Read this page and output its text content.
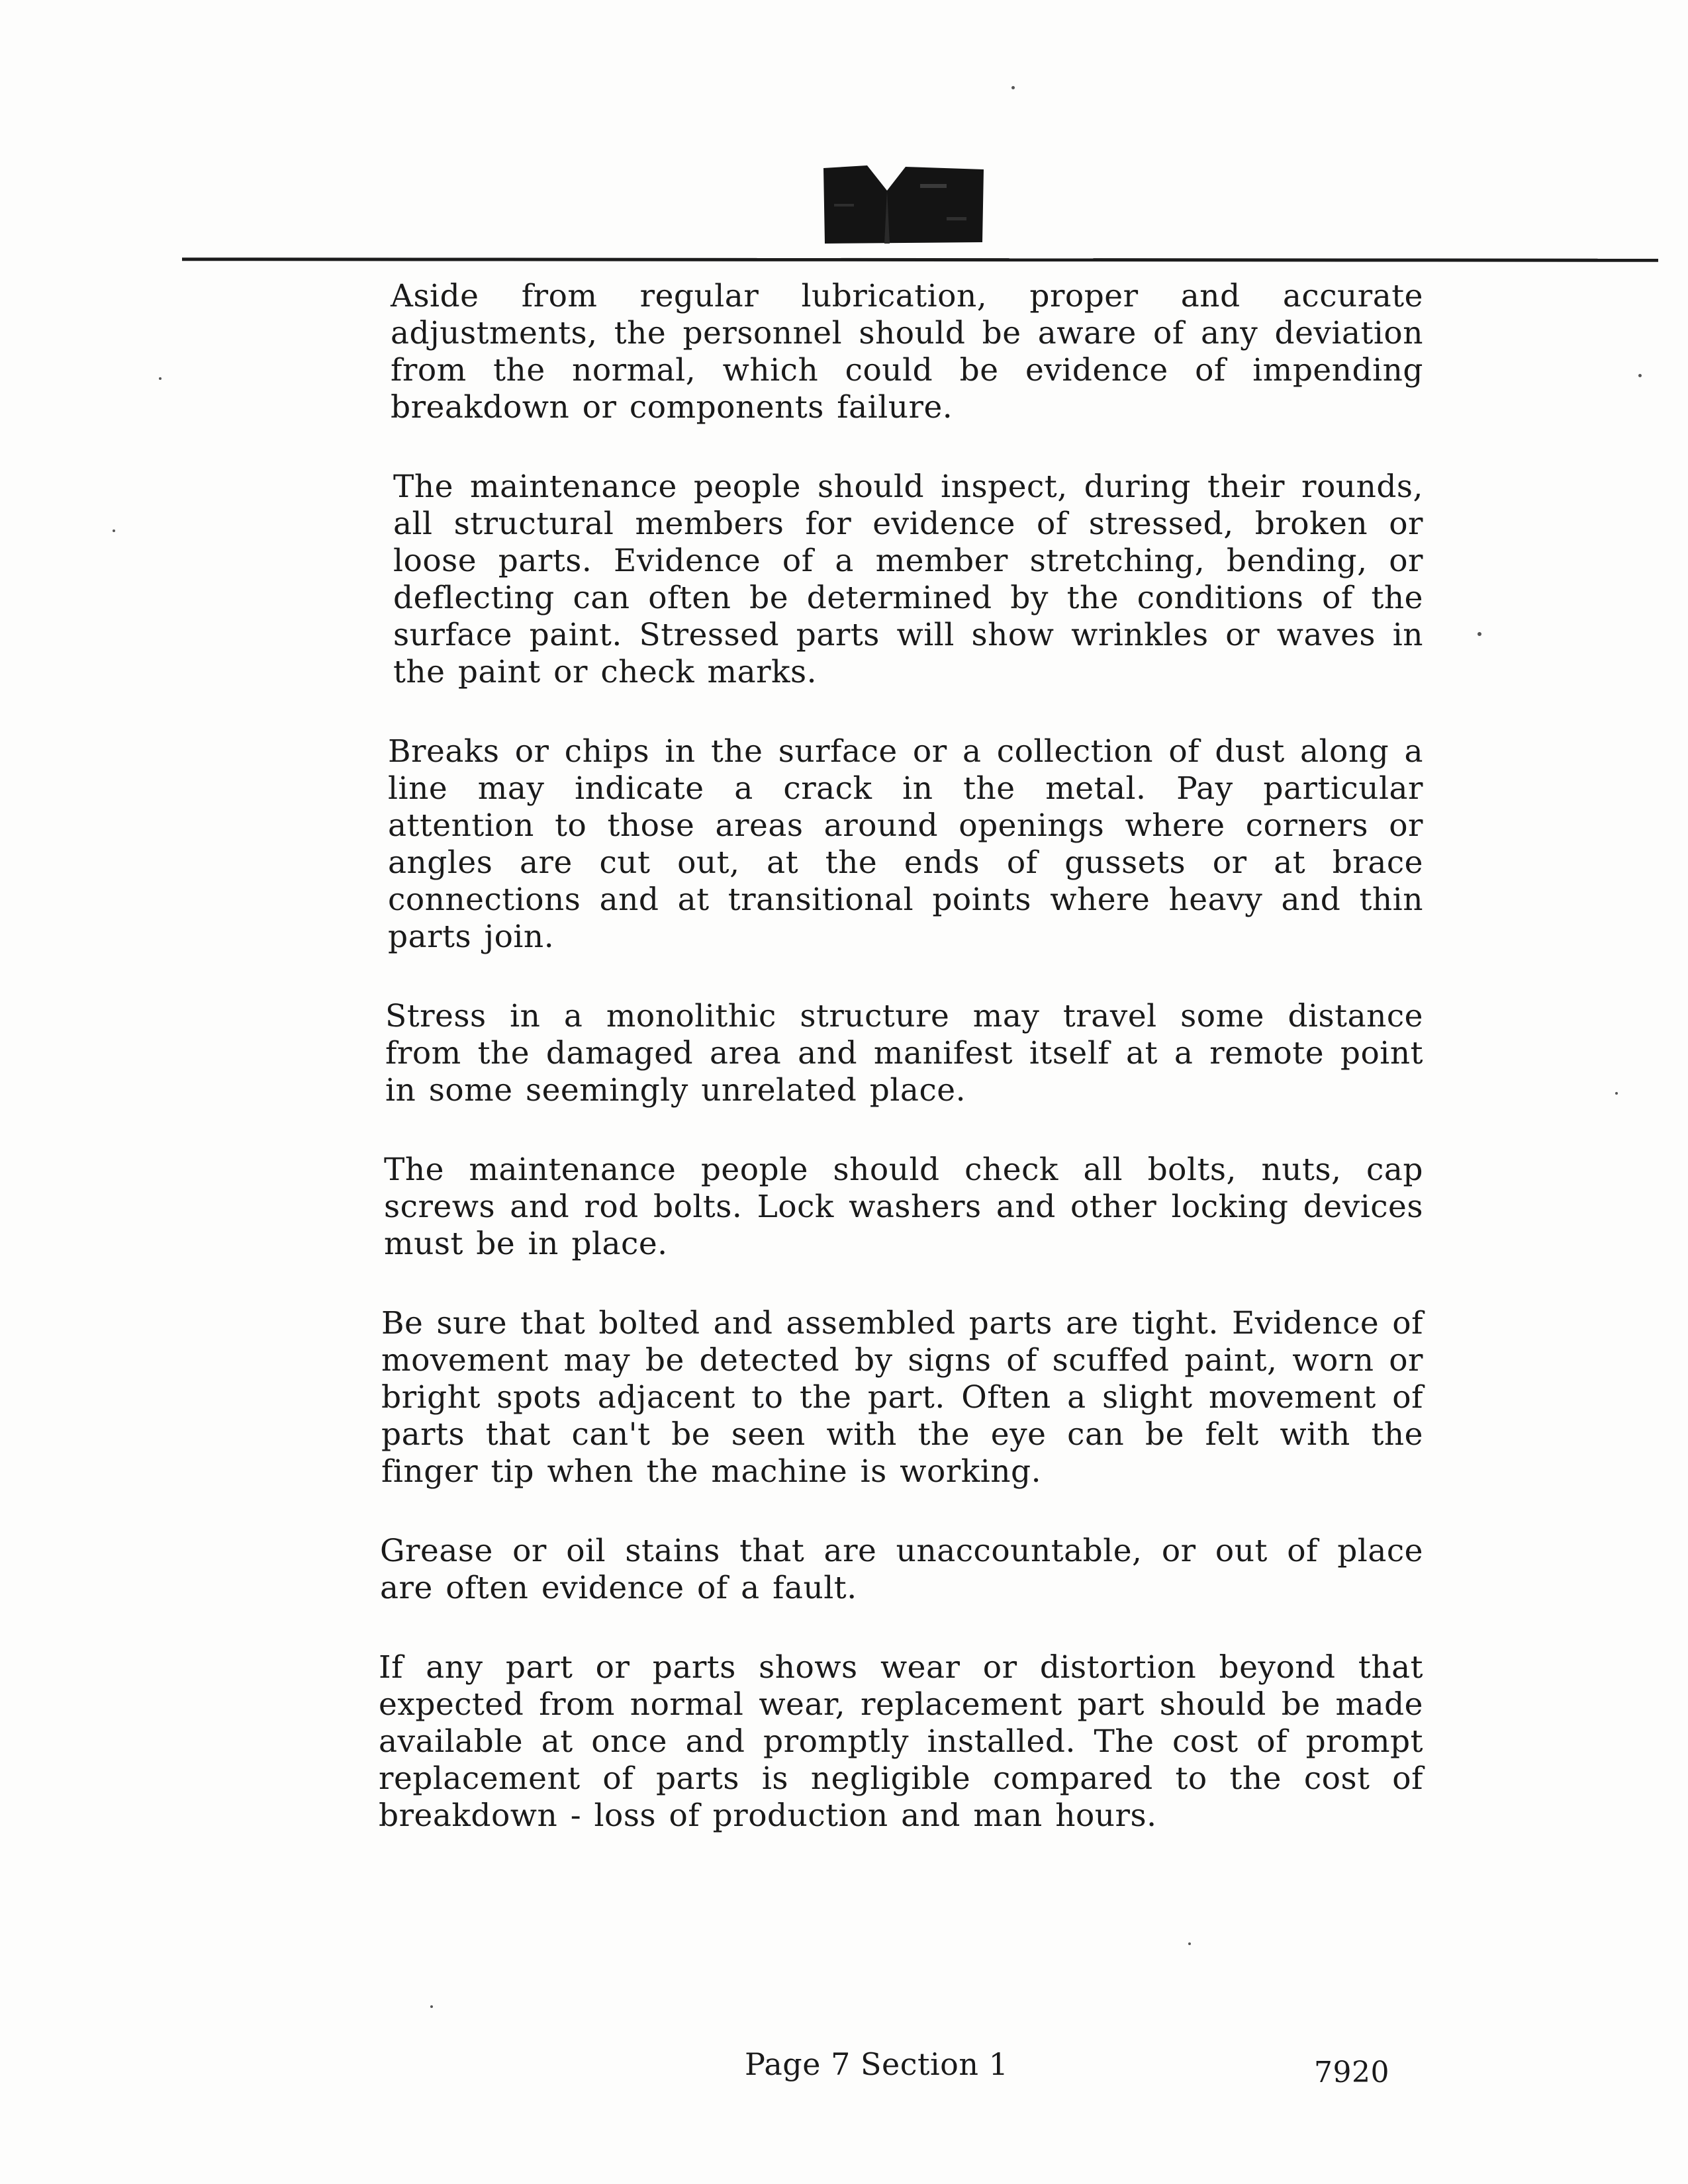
Aside from regular lubrication, proper and accurate adjustments, the personnel should be aware of any deviation from the normal, which could be evidence of impending breakdown or components failure.

The maintenance people should inspect, during their rounds, all structural members for evidence of stressed, broken or loose parts. Evidence of a member stretching, bending, or deflecting can often be determined by the conditions of the surface paint. Stressed parts will show wrinkles or waves in the paint or check marks.

Breaks or chips in the surface or a collection of dust along a line may indicate a crack in the metal. Pay particular attention to those areas around openings where corners or angles are cut out, at the ends of gussets or at brace connections and at transitional points where heavy and thin parts join.

Stress in a monolithic structure may travel some distance from the damaged area and manifest itself at a remote point in some seemingly unrelated place.

The maintenance people should check all bolts, nuts, cap screws and rod bolts. Lock washers and other locking devices must be in place.

Be sure that bolted and assembled parts are tight. Evidence of movement may be detected by signs of scuffed paint, worn or bright spots adjacent to the part. Often a slight movement of parts that can't be seen with the eye can be felt with the finger tip when the machine is working.

Grease or oil stains that are unaccountable, or out of place are often evidence of a fault.

If any part or parts shows wear or distortion beyond that expected from normal wear, replacement part should be made available at once and promptly installed. The cost of prompt replacement of parts is negligible compared to the cost of breakdown - loss of production and man hours.

Page 7 Section 1	7920
